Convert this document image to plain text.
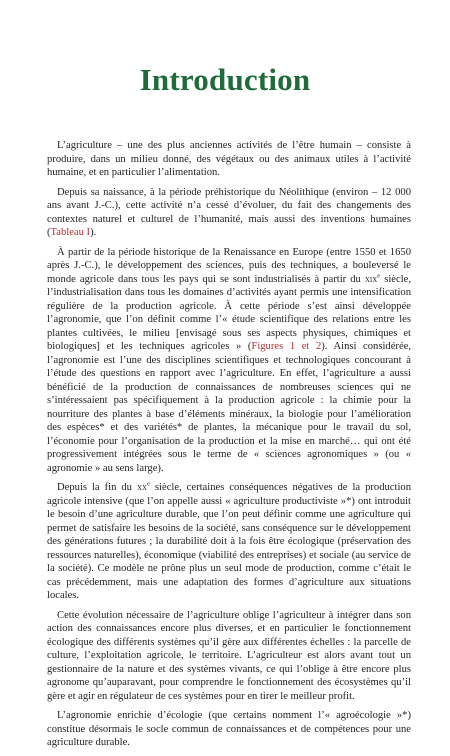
Introduction

L’agriculture – une des plus anciennes activités de l’être humain – consiste à produire, dans un milieu donné, des végétaux ou des animaux utiles à l’activité humaine, et en particulier l’alimentation.

Depuis sa naissance, à la période préhistorique du Néolithique (environ – 12 000 ans avant J.-C.), cette activité n’a cessé d’évoluer, du fait des changements des contextes naturel et culturel de l’humanité, mais aussi des inventions humaines (Tableau I).

À partir de la période historique de la Renaissance en Europe (entre 1550 et 1650 après J.-C.), le développement des sciences, puis des techniques, a bouleversé le monde agricole dans tous les pays qui se sont industrialisés à partir du xix$^e$ siècle, l’industrialisation dans tous les domaines d’activités ayant permis une intensification régulière de la production agricole. À cette période s’est ainsi développée l’agronomie, que l’on définit comme l’« étude scientifique des relations entre les plantes cultivées, le milieu [envisagé sous ses aspects physiques, chimiques et biologiques] et les techniques agricoles » (Figures 1 et 2). Ainsi considérée, l’agronomie est l’une des disciplines scientifiques et technologiques concourant à l’étude des questions en rapport avec l’agriculture. En effet, l’agriculture a aussi bénéficié de la production de connaissances de nombreuses sciences qui ne s’intéressaient pas spécifiquement à la production agricole : la chimie pour la nourriture des plantes à base d’éléments minéraux, la biologie pour l’amélioration des espèces* et des variétés* de plantes, la mécanique pour le travail du sol, l’économie pour l’organisation de la production et la mise en marché… qui ont été progressivement intégrées sous le terme de « sciences agronomiques » (ou « agronomie » au sens large).

Depuis la fin du $xx^e$ siècle, certaines conséquences négatives de la production agricole intensive (que l’on appelle aussi « agriculture productiviste »*) ont introduit le besoin d’une agriculture durable, que l’on peut définir comme une agriculture qui permet de satisfaire les besoins de la société, sans conséquence sur le développement des générations futures ; la durabilité doit à la fois être écologique (préservation des ressources naturelles), économique (viabilité des entreprises) et sociale (au service de la société). Ce modèle ne prône plus un seul mode de production, comme c’était le cas précédemment, mais une adaptation des formes d’agriculture aux situations locales.

Cette évolution nécessaire de l’agriculture oblige l’agriculteur à intégrer dans son action des connaissances encore plus diverses, et en particulier le fonctionnement écologique des différents systèmes qu’il gère aux différentes échelles : la parcelle de culture, l’exploitation agricole, le territoire. L’agriculteur est alors avant tout un gestionnaire de la nature et des systèmes vivants, ce qui l’oblige à être encore plus agronome qu’auparavant, pour comprendre le fonctionnement des écosystèmes qu’il gère et agir en régulateur de ces systèmes pour en tirer le meilleur profit.

L’agronomie enrichie d’écologie (que certains nomment l’« agroécologie »*) constitue désormais le socle commun de connaissances et de compétences pour une agriculture durable.
